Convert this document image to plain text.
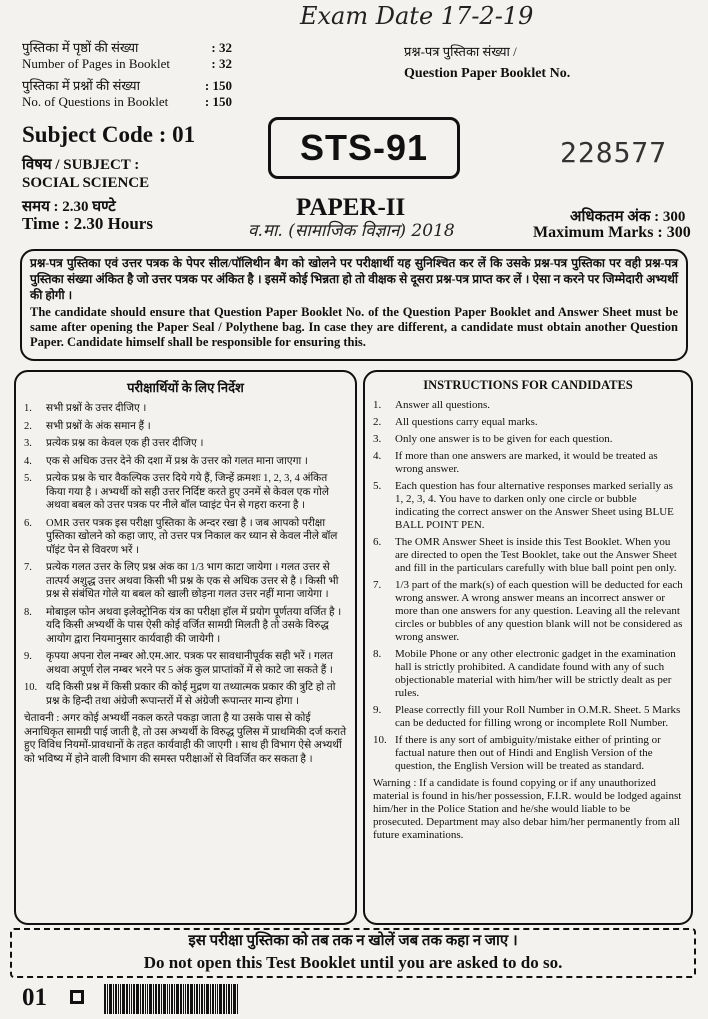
Exam Date 17-2-19
व.मा. (सामाजिक विज्ञान) 2018
पुस्तिका में पृष्ठों की संख्या	: 32
Number of Pages in Booklet	: 32
पुस्तिका में प्रश्नों की संख्या	: 150
No. of Questions in Booklet	: 150
प्रश्न-पत्र पुस्तिका संख्या /
Question Paper Booklet No.
228577
Subject Code : 01
विषय / SUBJECT :
SOCIAL SCIENCE
समय : 2.30 घण्टे
Time : 2.30 Hours
STS-91
PAPER-II	अधिकतम अंक : 300
Maximum Marks : 300
प्रश्न-पत्र पुस्तिका एवं उत्तर पत्रक के पेपर सील/पॉलिथीन बैग को खोलने पर परीक्षार्थी यह सुनिश्चित कर लें कि उसके प्रश्न-पत्र पुस्तिका पर वही प्रश्न-पत्र पुस्तिका संख्या अंकित है जो उत्तर पत्रक पर अंकित है । इसमें कोई भिन्नता हो तो वीक्षक से दूसरा प्रश्न-पत्र प्राप्त कर लें । ऐसा न करने पर जिम्मेदारी अभ्यर्थी की होगी ।
The candidate should ensure that Question Paper Booklet No. of the Question Paper Booklet and Answer Sheet must be same after opening the Paper Seal / Polythene bag. In case they are different, a candidate must obtain another Question Paper. Candidate himself shall be responsible for ensuring this.
परीक्षार्थियों के लिए निर्देश
1.	सभी प्रश्नों के उत्तर दीजिए ।
2.	सभी प्रश्नों के अंक समान हैं ।
3.	प्रत्येक प्रश्न का केवल एक ही उत्तर दीजिए ।
4.	एक से अधिक उत्तर देने की दशा में प्रश्न के उत्तर को गलत माना जाएगा ।
5.	प्रत्येक प्रश्न के चार वैकल्पिक उत्तर दिये गये हैं, जिन्हें क्रमशः 1, 2, 3, 4 अंकित किया गया है । अभ्यर्थी को सही उत्तर निर्दिष्ट करते हुए उनमें से केवल एक गोले अथवा बबल को उत्तर पत्रक पर नीले बॉल प्वाइंट पेन से गहरा करना है ।
6.	OMR उत्तर पत्रक इस परीक्षा पुस्तिका के अन्दर रखा है । जब आपको परीक्षा पुस्तिका खोलने को कहा जाए, तो उत्तर पत्र निकाल कर ध्यान से केवल नीले बॉल पॉइंट पेन से विवरण भरें ।
7.	प्रत्येक गलत उत्तर के लिए प्रश्न अंक का 1/3 भाग काटा जायेगा । गलत उत्तर से तात्पर्य अशुद्ध उत्तर अथवा किसी भी प्रश्न के एक से अधिक उत्तर से है । किसी भी प्रश्न से संबंधित गोले या बबल को खाली छोड़ना गलत उत्तर नहीं माना जायेगा ।
8.	मोबाइल फोन अथवा इलेक्ट्रोनिक यंत्र का परीक्षा हॉल में प्रयोग पूर्णतया वर्जित है । यदि किसी अभ्यर्थी के पास ऐसी कोई वर्जित सामग्री मिलती है तो उसके विरुद्ध आयोग द्वारा नियमानुसार कार्यवाही की जायेगी ।
9.	कृपया अपना रोल नम्बर ओ.एम.आर. पत्रक पर सावधानीपूर्वक सही भरें । गलत अथवा अपूर्ण रोल नम्बर भरने पर 5 अंक कुल प्राप्तांकों में से काटे जा सकते हैं ।
10. यदि किसी प्रश्न में किसी प्रकार की कोई मुद्रण या तथ्यात्मक प्रकार की त्रुटि हो तो प्रश्न के हिन्दी तथा अंग्रेजी रूपान्तरों में से अंग्रेजी रूपान्तर मान्य होगा ।
चेतावनी : अगर कोई अभ्यर्थी नकल करते पकड़ा जाता है या उसके पास से कोई अनाधिकृत सामग्री पाई जाती है, तो उस अभ्यर्थी के विरुद्ध पुलिस में प्राथमिकी दर्ज कराते हुए विविध नियमों-प्रावधानों के तहत कार्यवाही की जाएगी । साथ ही विभाग ऐसे अभ्यर्थी को भविष्य में होने वाली विभाग की समस्त परीक्षाओं से विवर्जित कर सकता है ।
INSTRUCTIONS FOR CANDIDATES
1.	Answer all questions.
2.	All questions carry equal marks.
3.	Only one answer is to be given for each question.
4.	If more than one answers are marked, it would be treated as wrong answer.
5.	Each question has four alternative responses marked serially as 1, 2, 3, 4. You have to darken only one circle or bubble indicating the correct answer on the Answer Sheet using BLUE BALL POINT PEN.
6.	The OMR Answer Sheet is inside this Test Booklet. When you are directed to open the Test Booklet, take out the Answer Sheet and fill in the particulars carefully with blue ball point pen only.
7.	1/3 part of the mark(s) of each question will be deducted for each wrong answer. A wrong answer means an incorrect answer or more than one answers for any question. Leaving all the relevant circles or bubbles of any question blank will not be considered as wrong answer.
8.	Mobile Phone or any other electronic gadget in the examination hall is strictly prohibited. A candidate found with any of such objectionable material with him/her will be strictly dealt as per rules.
9.	Please correctly fill your Roll Number in O.M.R. Sheet. 5 Marks can be deducted for filling wrong or incomplete Roll Number.
10. If there is any sort of ambiguity/mistake either of printing or factual nature then out of Hindi and English Version of the question, the English Version will be treated as standard.
Warning : If a candidate is found copying or if any unauthorized material is found in his/her possession, F.I.R. would be lodged against him/her in the Police Station and he/she would liable to be prosecuted. Department may also debar him/her permanently from all future examinations.
इस परीक्षा पुस्तिका को तब तक न खोलें जब तक कहा न जाए ।
Do not open this Test Booklet until you are asked to do so.
01
